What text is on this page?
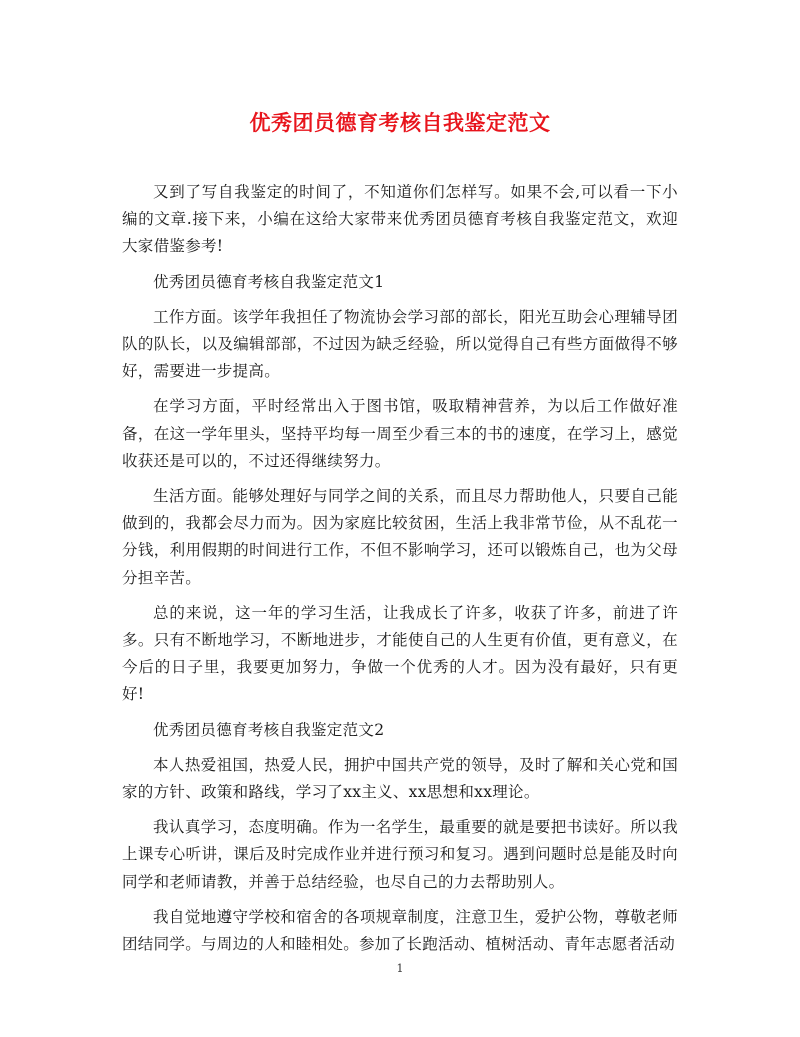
优秀团员德育考核自我鉴定范文

又到了写自我鉴定的时间了，不知道你们怎样写。如果不会,可以看一下小编的文章.接下来，小编在这给大家带来优秀团员德育考核自我鉴定范文，欢迎大家借鉴参考!

优秀团员德育考核自我鉴定范文1

工作方面。该学年我担任了物流协会学习部的部长，阳光互助会心理辅导团队的队长，以及编辑部部，不过因为缺乏经验，所以觉得自己有些方面做得不够好，需要进一步提高。

在学习方面，平时经常出入于图书馆，吸取精神营养，为以后工作做好准备，在这一学年里头，坚持平均每一周至少看三本的书的速度，在学习上，感觉收获还是可以的，不过还得继续努力。

生活方面。能够处理好与同学之间的关系，而且尽力帮助他人，只要自己能做到的，我都会尽力而为。因为家庭比较贫困，生活上我非常节俭，从不乱花一分钱，利用假期的时间进行工作，不但不影响学习，还可以锻炼自己，也为父母分担辛苦。

总的来说，这一年的学习生活，让我成长了许多，收获了许多，前进了许多。只有不断地学习，不断地进步，才能使自己的人生更有价值，更有意义，在今后的日子里，我要更加努力，争做一个优秀的人才。因为没有最好，只有更好!

优秀团员德育考核自我鉴定范文2

本人热爱祖国，热爱人民，拥护中国共产党的领导，及时了解和关心党和国家的方针、政策和路线，学习了xx主义、xx思想和xx理论。

我认真学习，态度明确。作为一名学生，最重要的就是要把书读好。所以我上课专心听讲，课后及时完成作业并进行预习和复习。遇到问题时总是能及时向同学和老师请教，并善于总结经验，也尽自己的力去帮助别人。

我自觉地遵守学校和宿舍的各项规章制度，注意卫生，爱护公物，尊敬老师团结同学。与周边的人和睦相处。参加了长跑活动、植树活动、青年志愿者活动

1
